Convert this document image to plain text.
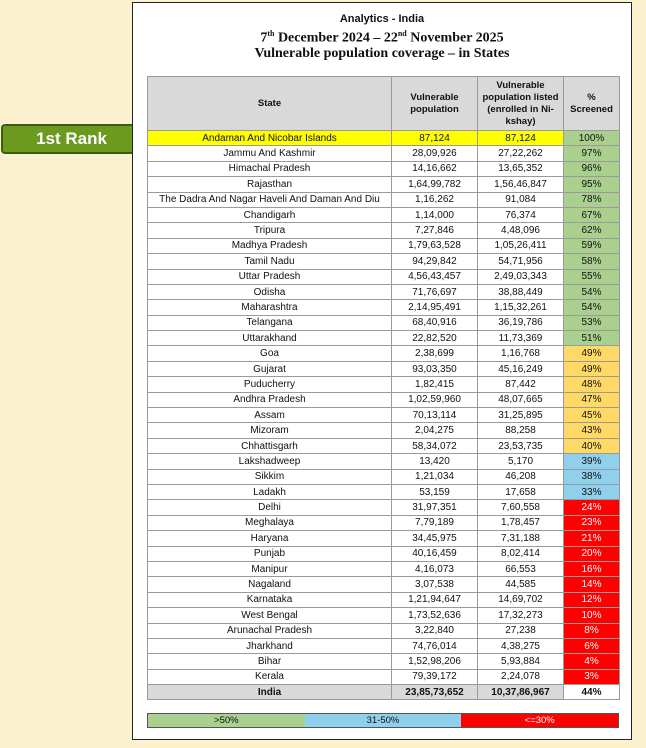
1st Rank
Analytics - India
7th December 2024 – 22nd November 2025
Vulnerable population coverage – in States
State	Vulnerable population	Vulnerable population listed (enrolled in Ni-kshay)	% Screened
Andaman And Nicobar Islands	87,124	87,124	100%
Jammu And Kashmir	28,09,926	27,22,262	97%
Himachal Pradesh	14,16,662	13,65,352	96%
Rajasthan	1,64,99,782	1,56,46,847	95%
The Dadra And Nagar Haveli And Daman And Diu	1,16,262	91,084	78%
Chandigarh	1,14,000	76,374	67%
Tripura	7,27,846	4,48,096	62%
Madhya Pradesh	1,79,63,528	1,05,26,411	59%
Tamil Nadu	94,29,842	54,71,956	58%
Uttar Pradesh	4,56,43,457	2,49,03,343	55%
Odisha	71,76,697	38,88,449	54%
Maharashtra	2,14,95,491	1,15,32,261	54%
Telangana	68,40,916	36,19,786	53%
Uttarakhand	22,82,520	11,73,369	51%
Goa	2,38,699	1,16,768	49%
Gujarat	93,03,350	45,16,249	49%
Puducherry	1,82,415	87,442	48%
Andhra Pradesh	1,02,59,960	48,07,665	47%
Assam	70,13,114	31,25,895	45%
Mizoram	2,04,275	88,258	43%
Chhattisgarh	58,34,072	23,53,735	40%
Lakshadweep	13,420	5,170	39%
Sikkim	1,21,034	46,208	38%
Ladakh	53,159	17,658	33%
Delhi	31,97,351	7,60,558	24%
Meghalaya	7,79,189	1,78,457	23%
Haryana	34,45,975	7,31,188	21%
Punjab	40,16,459	8,02,414	20%
Manipur	4,16,073	66,553	16%
Nagaland	3,07,538	44,585	14%
Karnataka	1,21,94,647	14,69,702	12%
West Bengal	1,73,52,636	17,32,273	10%
Arunachal Pradesh	3,22,840	27,238	8%
Jharkhand	74,76,014	4,38,275	6%
Bihar	1,52,98,206	5,93,884	4%
Kerala	79,39,172	2,24,078	3%
India	23,85,73,652	10,37,86,967	44%
>50%	31-50%	<=30%
